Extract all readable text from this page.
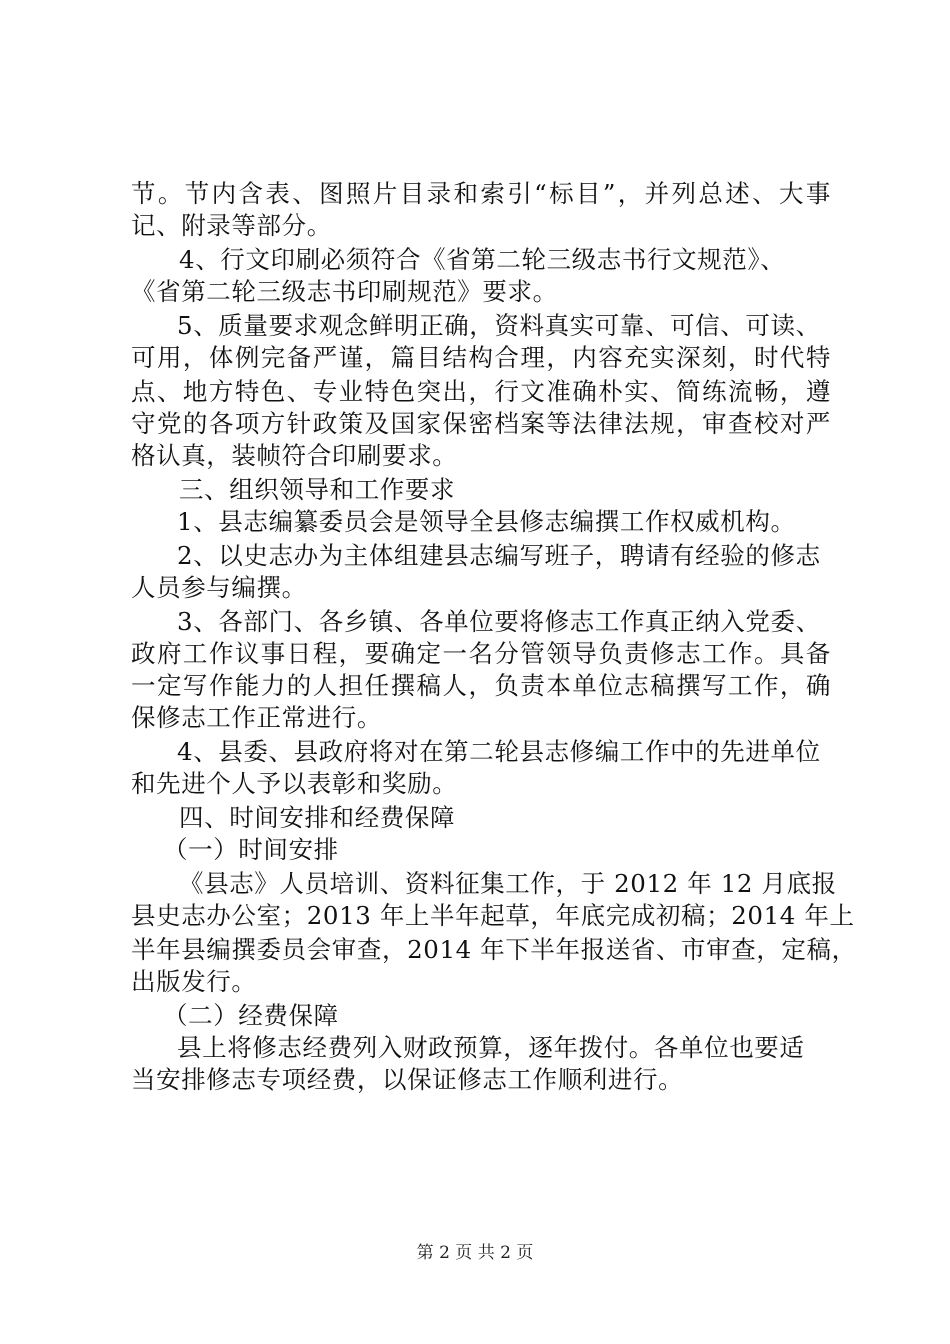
节。节内含表、图照片目录和索引“标目”，并列总述、大事
记、附录等部分。
4、行文印刷必须符合《省第二轮三级志书行文规范》、
《省第二轮三级志书印刷规范》要求。
5、质量要求观念鲜明正确，资料真实可靠、可信、可读、
可用，体例完备严谨，篇目结构合理，内容充实深刻，时代特
点、地方特色、专业特色突出，行文准确朴实、简练流畅，遵
守党的各项方针政策及国家保密档案等法律法规，审查校对严
格认真，装帧符合印刷要求。
三、组织领导和工作要求
1、县志编纂委员会是领导全县修志编撰工作权威机构。
2、以史志办为主体组建县志编写班子，聘请有经验的修志
人员参与编撰。
3、各部门、各乡镇、各单位要将修志工作真正纳入党委、
政府工作议事日程，要确定一名分管领导负责修志工作。具备
一定写作能力的人担任撰稿人，负责本单位志稿撰写工作，确
保修志工作正常进行。
4、县委、县政府将对在第二轮县志修编工作中的先进单位
和先进个人予以表彰和奖励。
四、时间安排和经费保障
（一）时间安排
《县志》人员培训、资料征集工作，于 2012 年 12 月底报
县史志办公室；2013 年上半年起草，年底完成初稿；2014 年上
半年县编撰委员会审查，2014 年下半年报送省、市审查，定稿，
出版发行。
（二）经费保障
县上将修志经费列入财政预算，逐年拨付。各单位也要适
当安排修志专项经费，以保证修志工作顺利进行。
第 2 页 共 2 页
